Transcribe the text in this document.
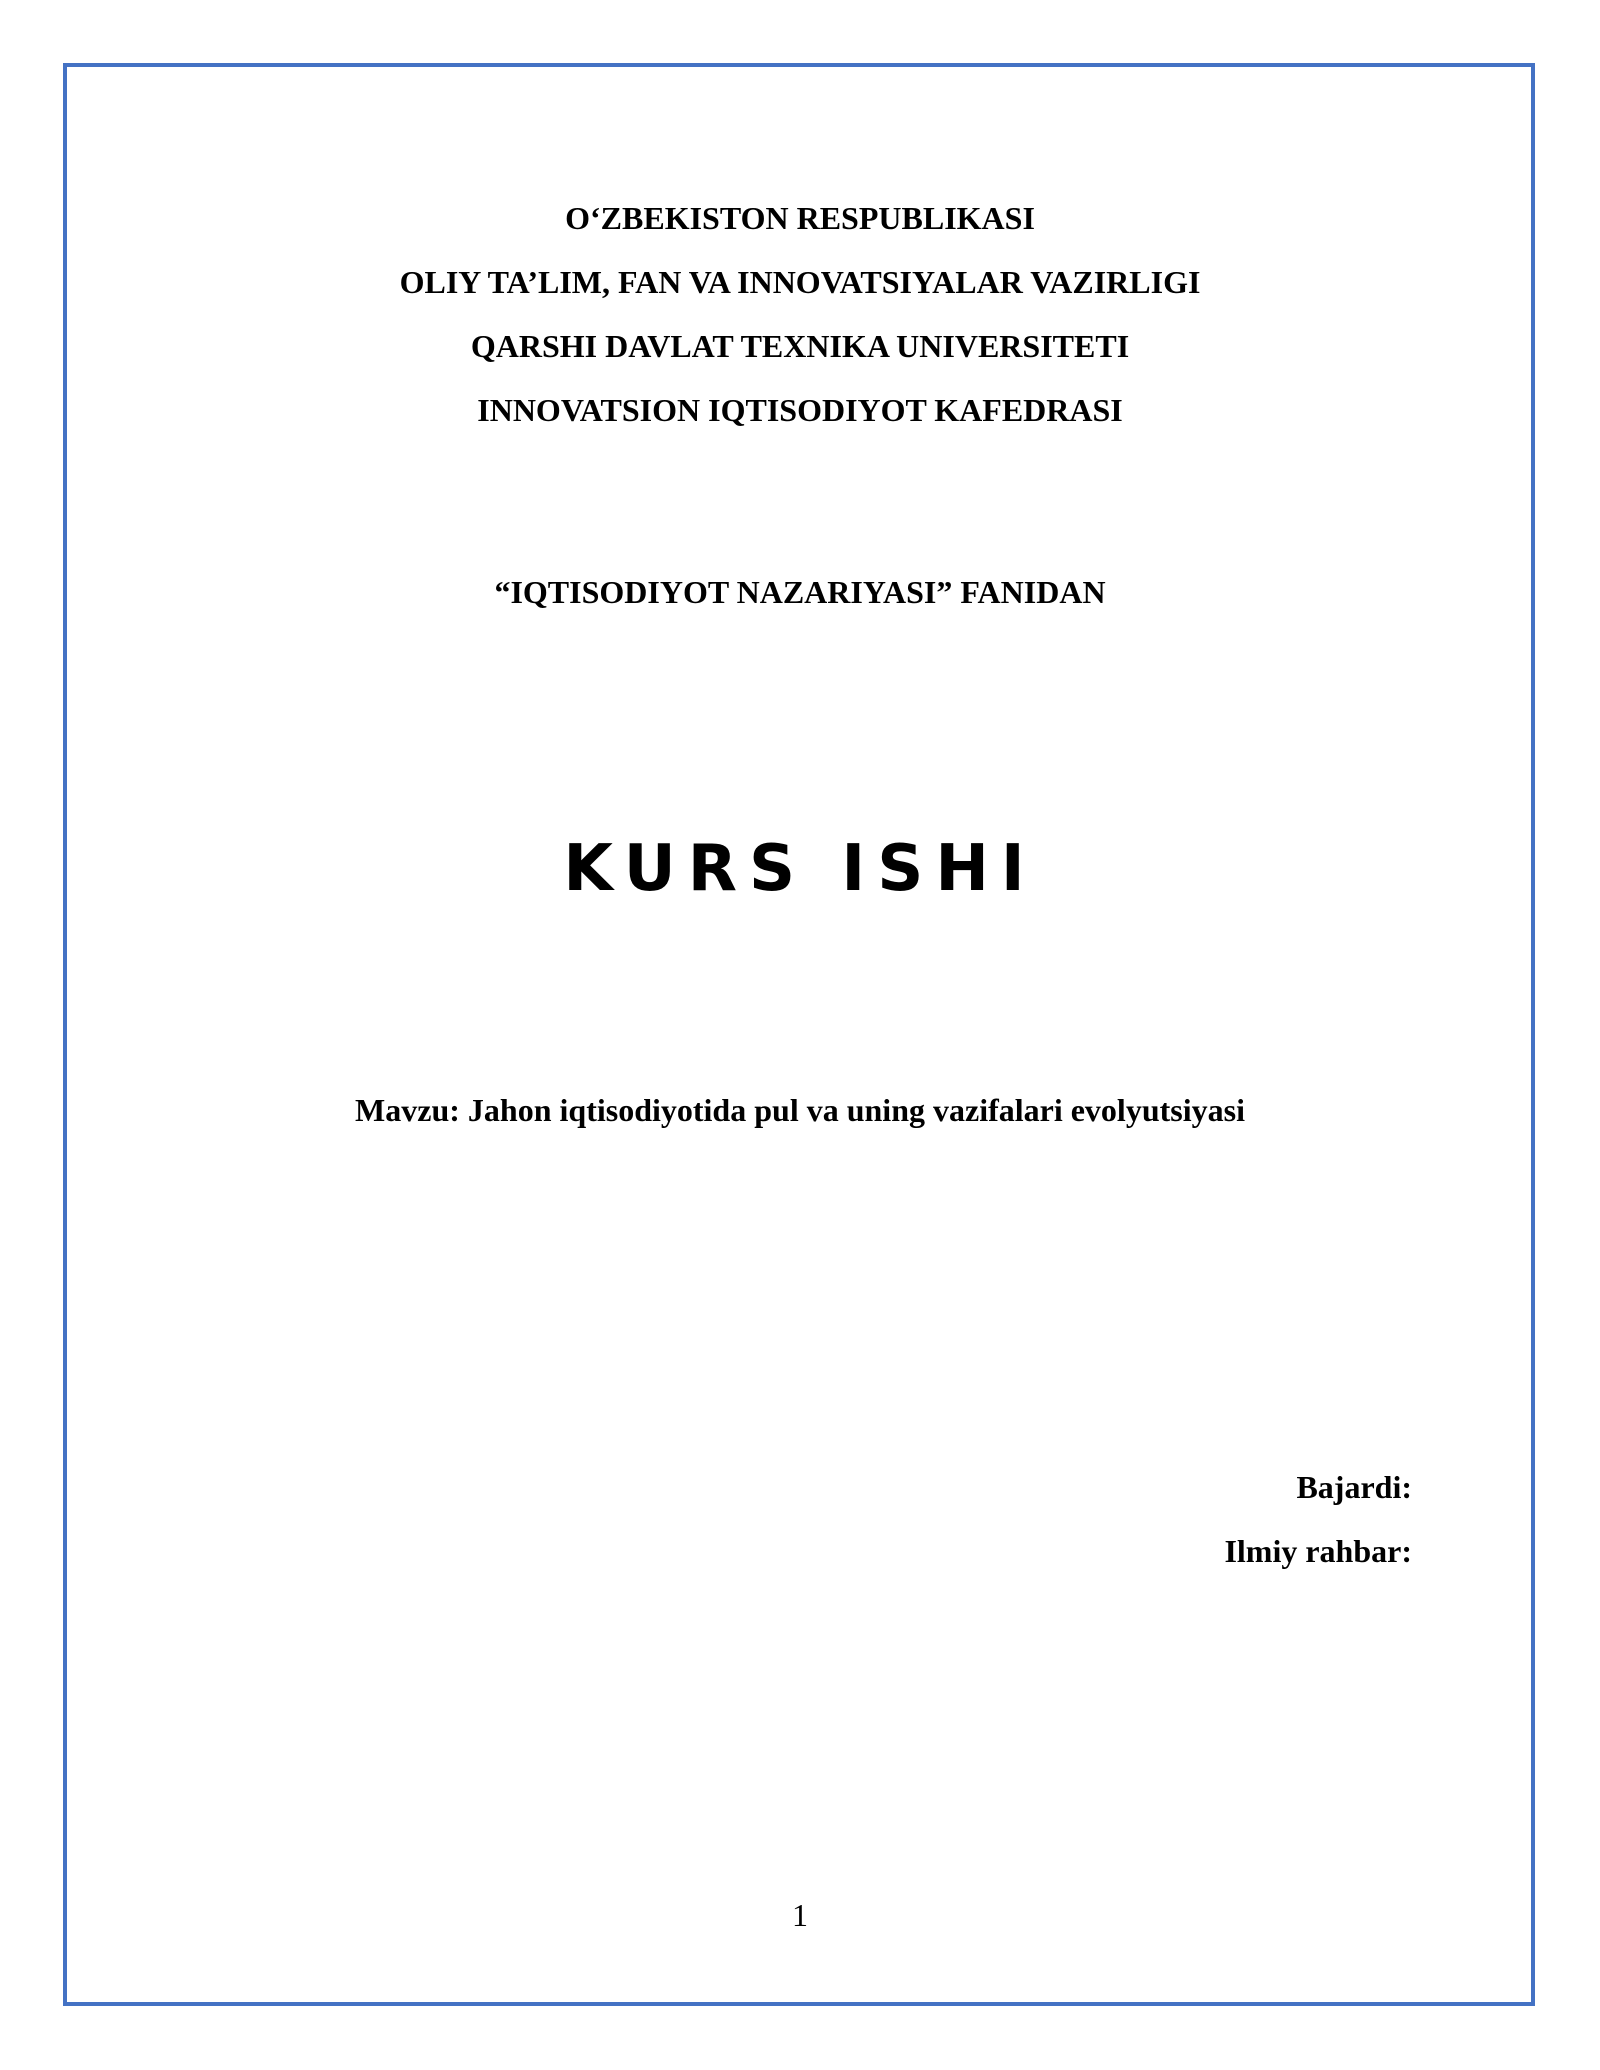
O‘ZBEKISTON RESPUBLIKASI
OLIY TA’LIM, FAN VA INNOVATSIYALAR VAZIRLIGI
QARSHI DAVLAT TEXNIKA UNIVERSITETI
INNOVATSION IQTISODIYOT KAFEDRASI
“IQTISODIYOT NAZARIYASI” FANIDAN
KURS ISHI
Mavzu: Jahon iqtisodiyotida pul va uning vazifalari evolyutsiyasi
Bajardi:
Ilmiy rahbar:
1
